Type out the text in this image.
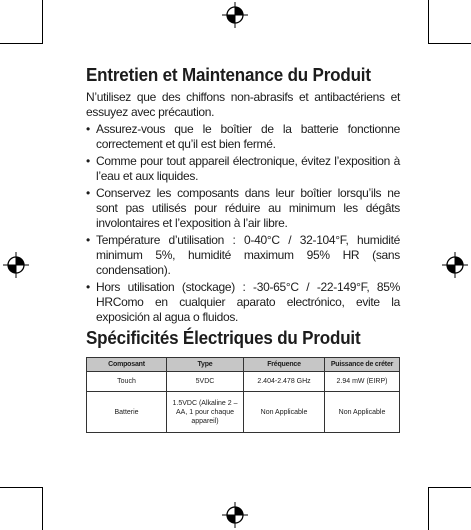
Entretien et Maintenance du Produit

N’utilisez que des chiffons non-abrasifs et antibactériens et essuyez avec précaution.

• Assurez-vous que le boîtier de la batterie fonctionne correctement et qu’il est bien fermé.
• Comme pour tout appareil électronique, évitez l’exposition à l’eau et aux liquides.
• Conservez les composants dans leur boîtier lorsqu’ils ne sont pas utilisés pour réduire au minimum les dégâts involontaires et l’exposition à l’air libre.
• Température d’utilisation : 0-40°C / 32-104°F, humidité minimum 5%, humidité maximum 95% HR (sans condensation).
• Hors utilisation (stockage) : -30-65°C / -22-149°F, 85% HRComo en cualquier aparato electrónico, evite la exposición al agua o fluidos.
Spécificités Électriques du Produit
Composant	Type	Fréquence	Puissance de créter
Touch	5VDC	2.404-2.478 GHz	2.94 mW (EIRP)
Batterie	1.5VDC (Alkaline 2 – AA, 1 pour chaque appareil)	Non Applicable	Non Applicable
